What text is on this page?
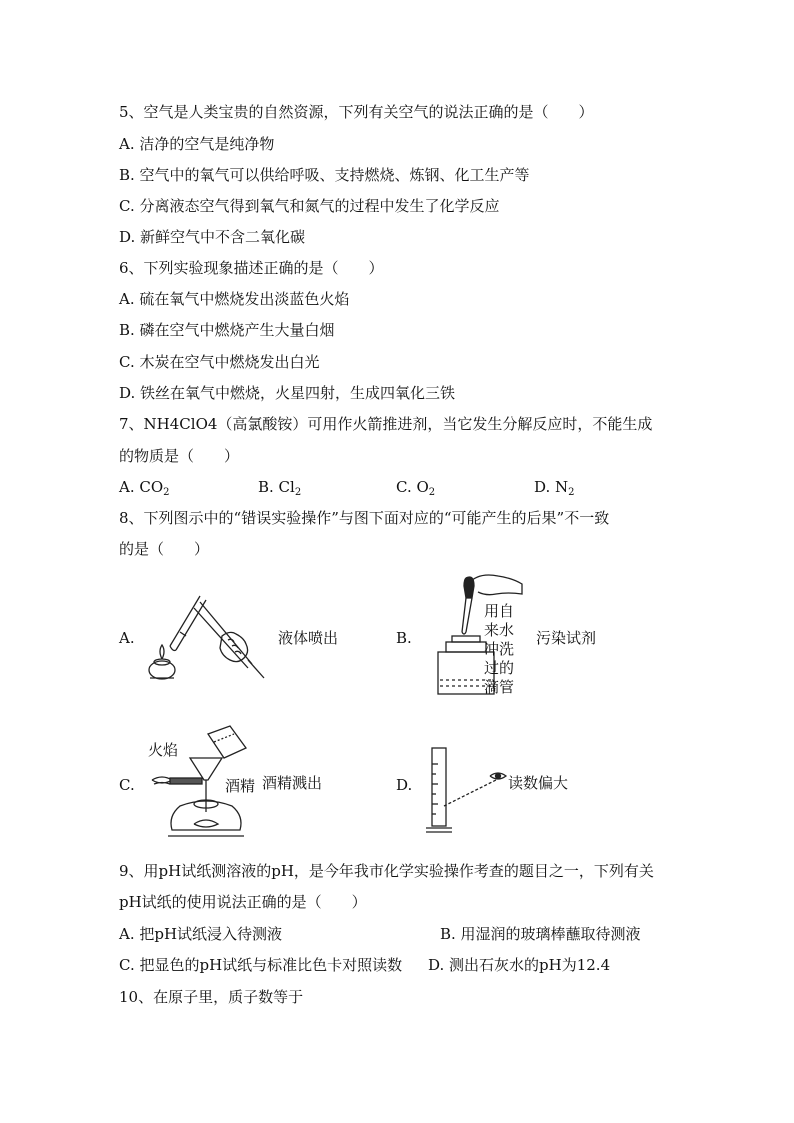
5、空气是人类宝贵的自然资源，下列有关空气的说法正确的是（　　）
A. 洁净的空气是纯净物
B. 空气中的氧气可以供给呼吸、支持燃烧、炼钢、化工生产等
C. 分离液态空气得到氧气和氮气的过程中发生了化学反应
D. 新鲜空气中不含二氧化碳
6、下列实验现象描述正确的是（　　）
A. 硫在氧气中燃烧发出淡蓝色火焰
B. 磷在空气中燃烧产生大量白烟
C. 木炭在空气中燃烧发出白光
D. 铁丝在氧气中燃烧，火星四射，生成四氧化三铁
7、NH4ClO4（高氯酸铵）可用作火箭推进剂，当它发生分解反应时，不能生成
的物质是（　　）
A. $CO_2$	B. $Cl_2$	C. $O_2$	D. $N_2$
8、下列图示中的“错误实验操作”与图下面对应的“可能产生的后果”不一致
的是（　　）
A.	液体喷出	B.
用自
来水
冲洗
过的
滴管
污染试剂
C.
火焰
酒精 酒精溅出	D.	读数偏大
9、用pH试纸测溶液的pH，是今年我市化学实验操作考查的题目之一，下列有关
pH试纸的使用说法正确的是（　　）
A. 把pH试纸浸入待测液	B. 用湿润的玻璃棒蘸取待测液
C. 把显色的pH试纸与标准比色卡对照读数 D. 测出石灰水的pH为12.4
10、在原子里，质子数等于
